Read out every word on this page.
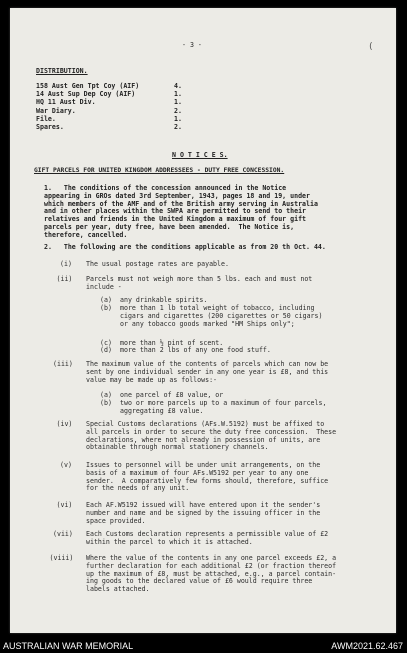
(
- 3 -
DISTRIBUTION.
158 Aust Gen Tpt Coy (AIF)	4.
14 Aust Sup Dep Coy (AIF)	1.
HQ 11 Aust Div.	1.
War Diary.	2.
File.	1.
Spares.	2.
N O T I C E S.
GIFT PARCELS FOR UNITED KINGDOM ADDRESSEES - DUTY FREE CONCESSION.
1.   The conditions of the concession announced in the Notice
appearing in GROs dated 3rd September, 1943, pages 18 and 19, under
which members of the AMF and of the British army serving in Australia
and in other places within the SWPA are permitted to send to their
relatives and friends in the United Kingdom a maximum of four gift
parcels per year, duty free, have been amended.  The Notice is,
therefore, cancelled.
2.   The following are the conditions applicable as from 20 th Oct. 44.
(i) The usual postage rates are payable.
(ii) Parcels must not weigh more than 5 lbs. each and must not
include -
(a) any drinkable spirits.
(b) more than 1 lb total weight of tobacco, including
cigars and cigarettes (200 cigarettes or 50 cigars)
or any tobacco goods marked "HM Ships only";
(c) more than ½ pint of scent.
(d) more than 2 lbs of any one food stuff.
(iii) The maximum value of the contents of parcels which can now be
sent by one individual sender in any one year is £8, and this
value may be made up as follows:-
(a) one parcel of £8 value, or
(b) two or more parcels up to a maximum of four parcels,
aggregating £8 value.
(iv) Special Customs declarations (AFs.W.5192) must be affixed to
all parcels in order to secure the duty free concession.  These
declarations, where not already in possession of units, are
obtainable through normal stationery channels.
(v) Issues to personnel will be under unit arrangements, on the
basis of a maximum of four AFs.W5192 per year to any one
sender.  A comparatively few forms should, therefore, suffice
for the needs of any unit.
(vi) Each AF.W5192 issued will have entered upon it the sender's
number and name and be signed by the issuing officer in the
space provided.
(vii) Each Customs declaration represents a permissible value of £2
within the parcel to which it is attached.
(viii) Where the value of the contents in any one parcel exceeds £2, a
further declaration for each additional £2 (or fraction thereof
up the maximum of £8, must be attached, e.g., a parcel contain-
ing goods to the declared value of £6 would require three
labels attached.
AUSTRALIAN WAR MEMORIAL	AWM2021.62.467
